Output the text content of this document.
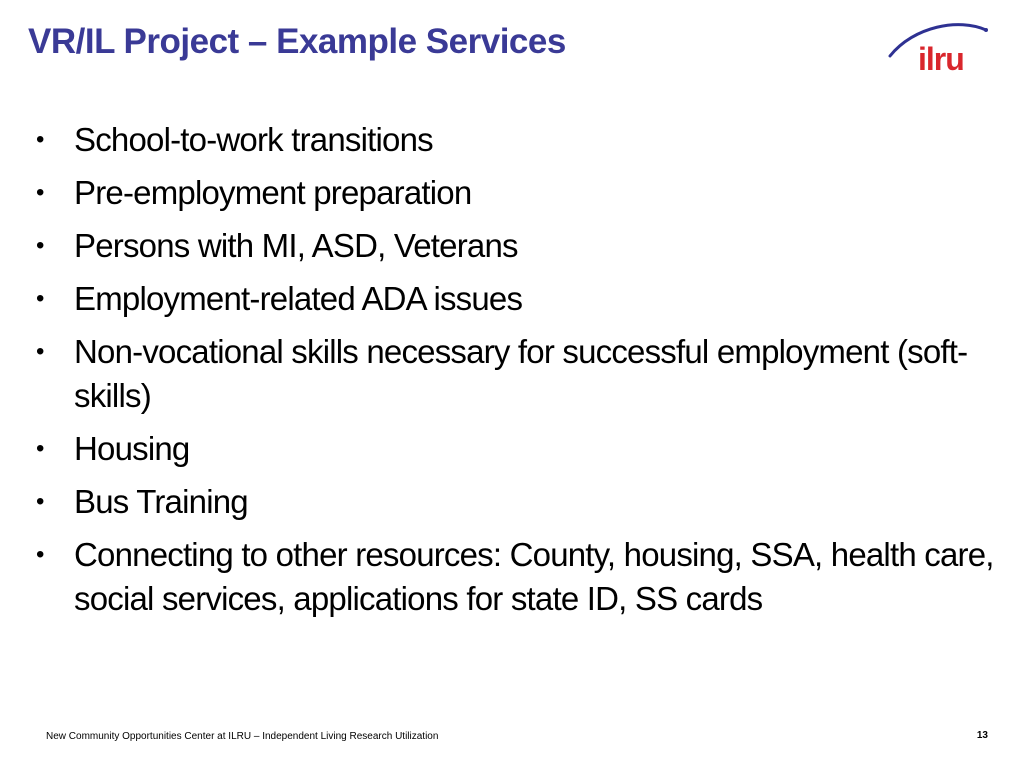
VR/IL Project – Example Services	ilru
• School-to-work transitions
• Pre-employment preparation
• Persons with MI, ASD, Veterans
• Employment-related ADA issues
• Non-vocational skills necessary for successful employment (soft-skills)
• Housing
• Bus Training
• Connecting to other resources: County, housing, SSA, health care, social services, applications for state ID, SS cards
New Community Opportunities Center at ILRU – Independent Living Research Utilization	13
